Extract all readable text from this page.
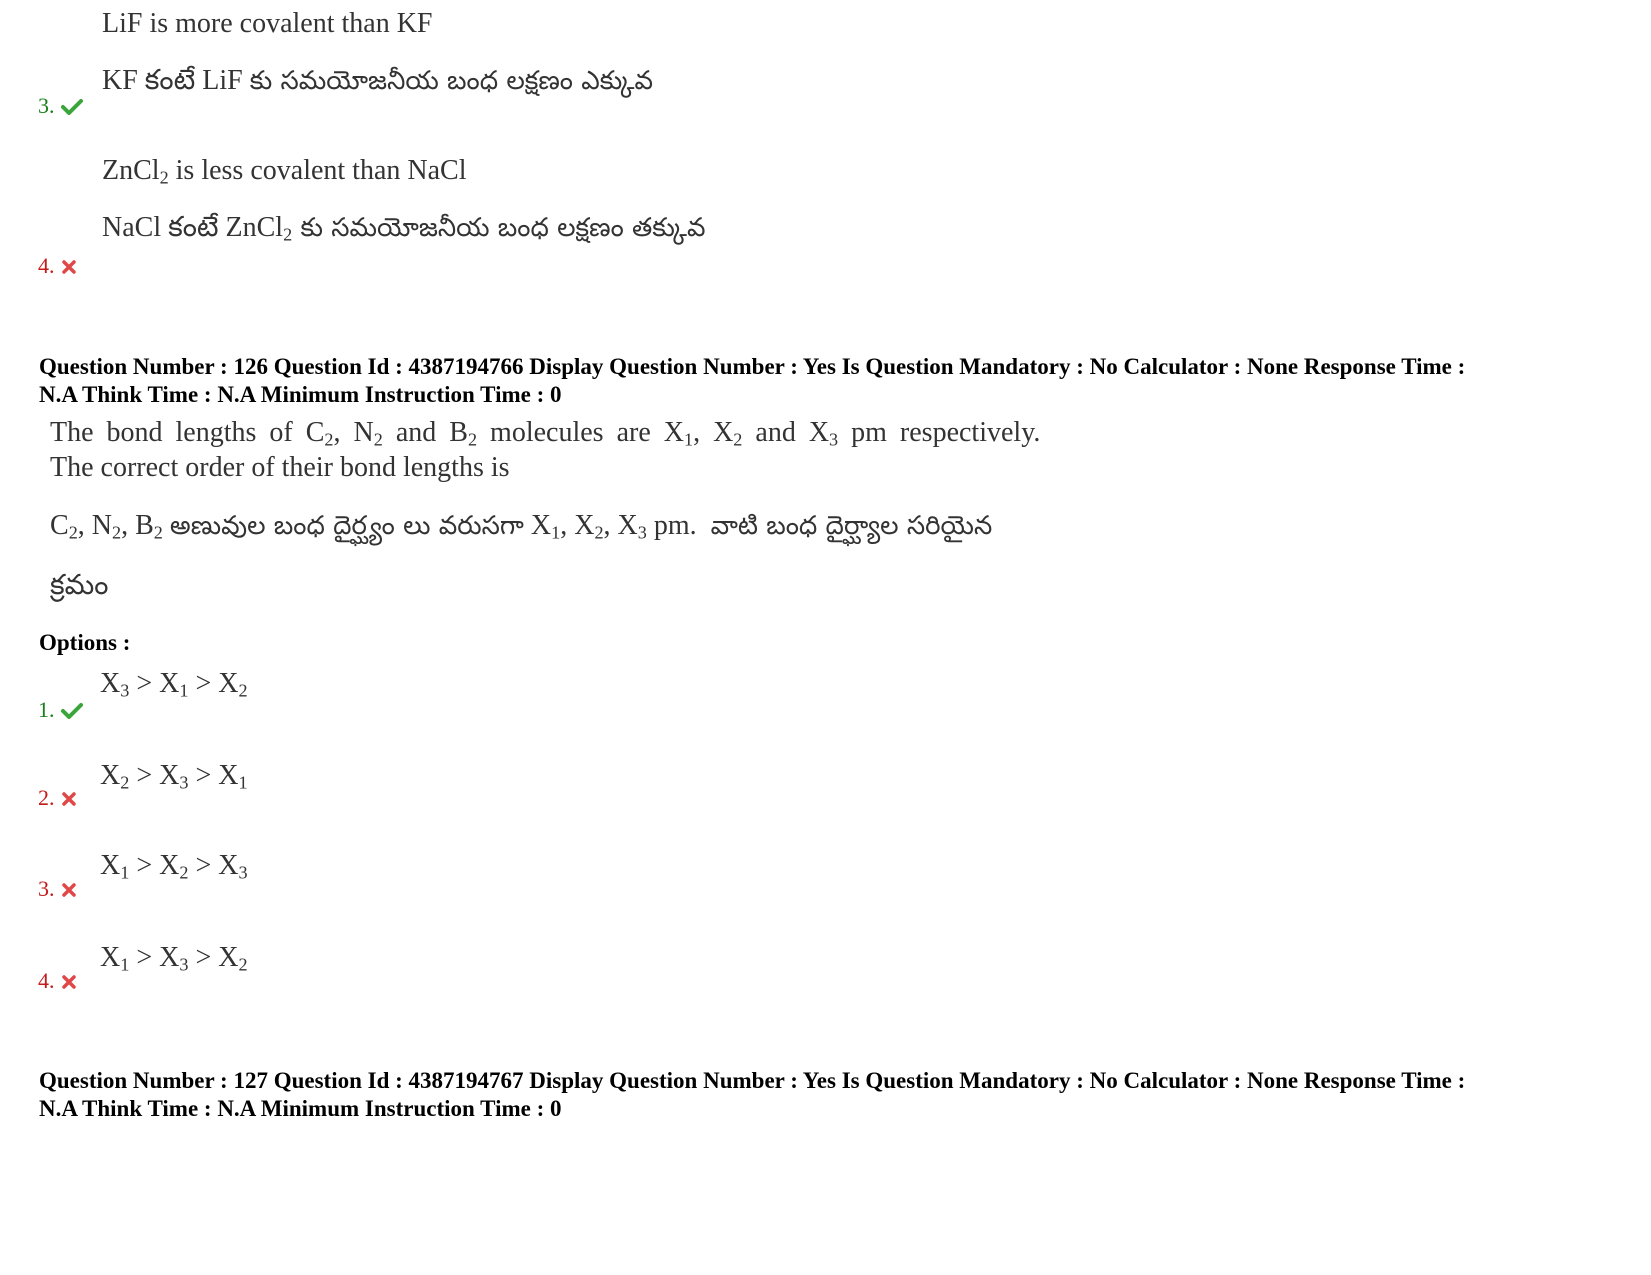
LiF is more covalent than KF
KF కంటే LiF కు సమయోజనీయ బంధ లక్షణం ఎక్కువ
3.
ZnCl$_2$ is less covalent than NaCl
NaCl కంటే ZnCl$_2$ కు సమయోజనీయ బంధ లక్షణం తక్కువ
4.
Question Number : 126 Question Id : 4387194766 Display Question Number : Yes Is Question Mandatory : No Calculator : None Response Time :
N.A Think Time : N.A Minimum Instruction Time : 0
The bond lengths of $C_2$, $N_2$ and $B_2$ molecules are $X_1$, $X_2$ and $X_3$ pm respectively.
The correct order of their bond lengths is
$C_2$, $N_2$, $B_2$ అణువుల బంధ దైర్ఘ్యం లు వరుసగా $X_1$, $X_2$, $X_3$ pm.  వాటి బంధ దైర్ఘ్యాల సరియైన
క్రమం
Options :
$X_3 > X_1 > X_2$
1.
$X_2 > X_3 > X_1$
2.
$X_1 > X_2 > X_3$
3.
$X_1 > X_3 > X_2$
4.
Question Number : 127 Question Id : 4387194767 Display Question Number : Yes Is Question Mandatory : No Calculator : None Response Time :
N.A Think Time : N.A Minimum Instruction Time : 0
